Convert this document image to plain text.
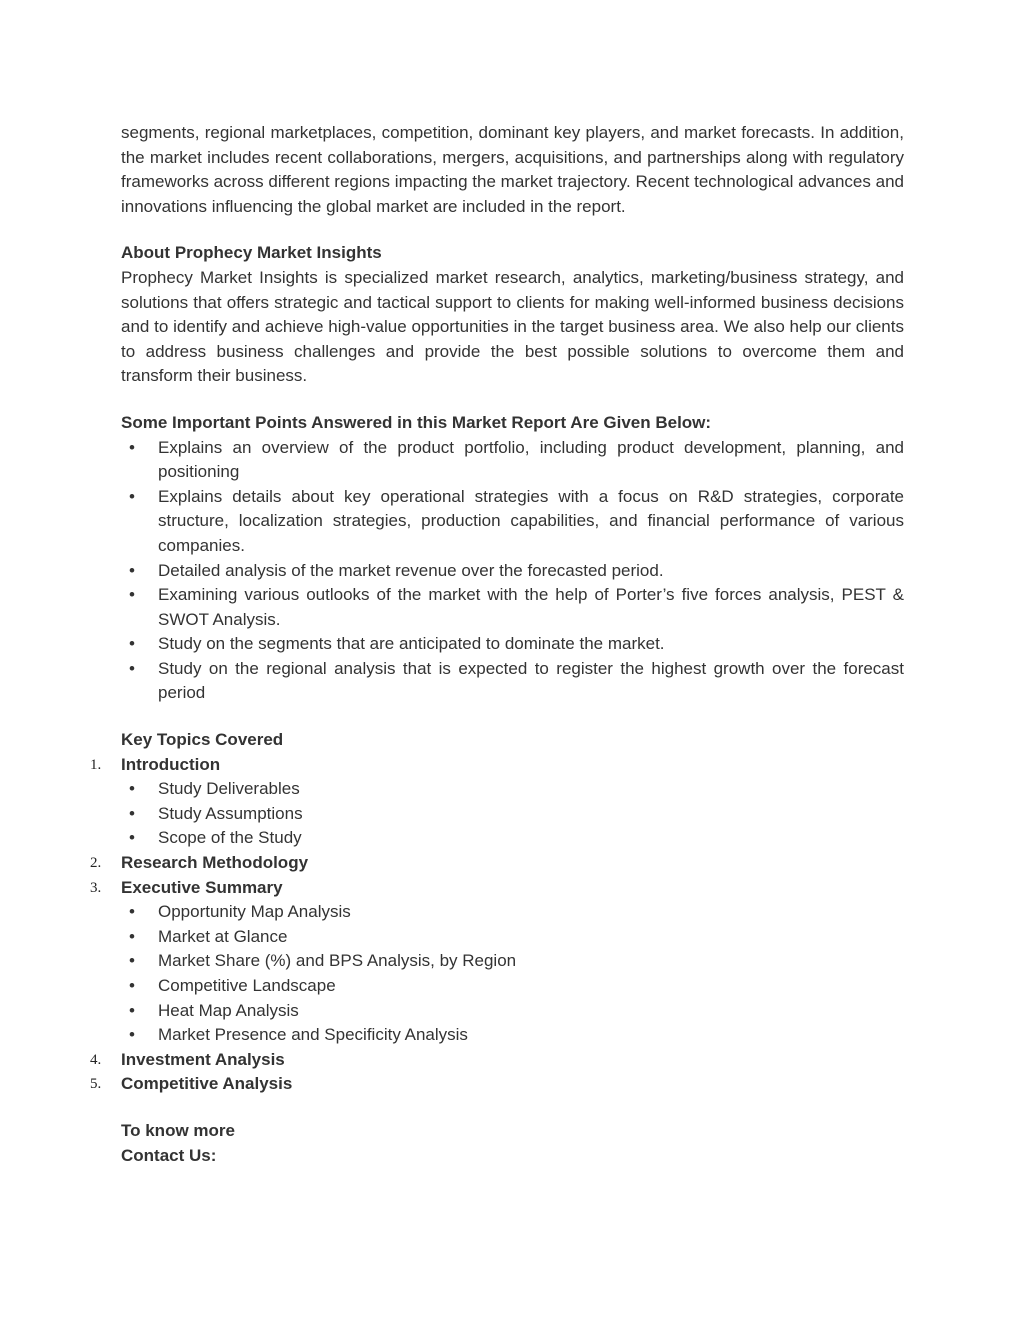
segments, regional marketplaces, competition, dominant key players, and market forecasts. In addition, the market includes recent collaborations, mergers, acquisitions, and partnerships along with regulatory frameworks across different regions impacting the market trajectory. Recent technological advances and innovations influencing the global market are included in the report.

About Prophecy Market Insights

Prophecy Market Insights is specialized market research, analytics, marketing/business strategy, and solutions that offers strategic and tactical support to clients for making well-informed business decisions and to identify and achieve high-value opportunities in the target business area. We also help our clients to address business challenges and provide the best possible solutions to overcome them and transform their business.

Some Important Points Answered in this Market Report Are Given Below:

• Explains an overview of the product portfolio, including product development, planning, and positioning
• Explains details about key operational strategies with a focus on R&D strategies, corporate structure, localization strategies, production capabilities, and financial performance of various companies.
• Detailed analysis of the market revenue over the forecasted period.
• Examining various outlooks of the market with the help of Porter’s five forces analysis, PEST & SWOT Analysis.
• Study on the segments that are anticipated to dominate the market.
• Study on the regional analysis that is expected to register the highest growth over the forecast period

Key Topics Covered

1.	Introduction
• Study Deliverables
• Study Assumptions
• Scope of the Study
2.	Research Methodology
3.	Executive Summary
• Opportunity Map Analysis
• Market at Glance
• Market Share (%) and BPS Analysis, by Region
• Competitive Landscape
• Heat Map Analysis
• Market Presence and Specificity Analysis
4.	Investment Analysis
5.	Competitive Analysis

To know more

Contact Us:
